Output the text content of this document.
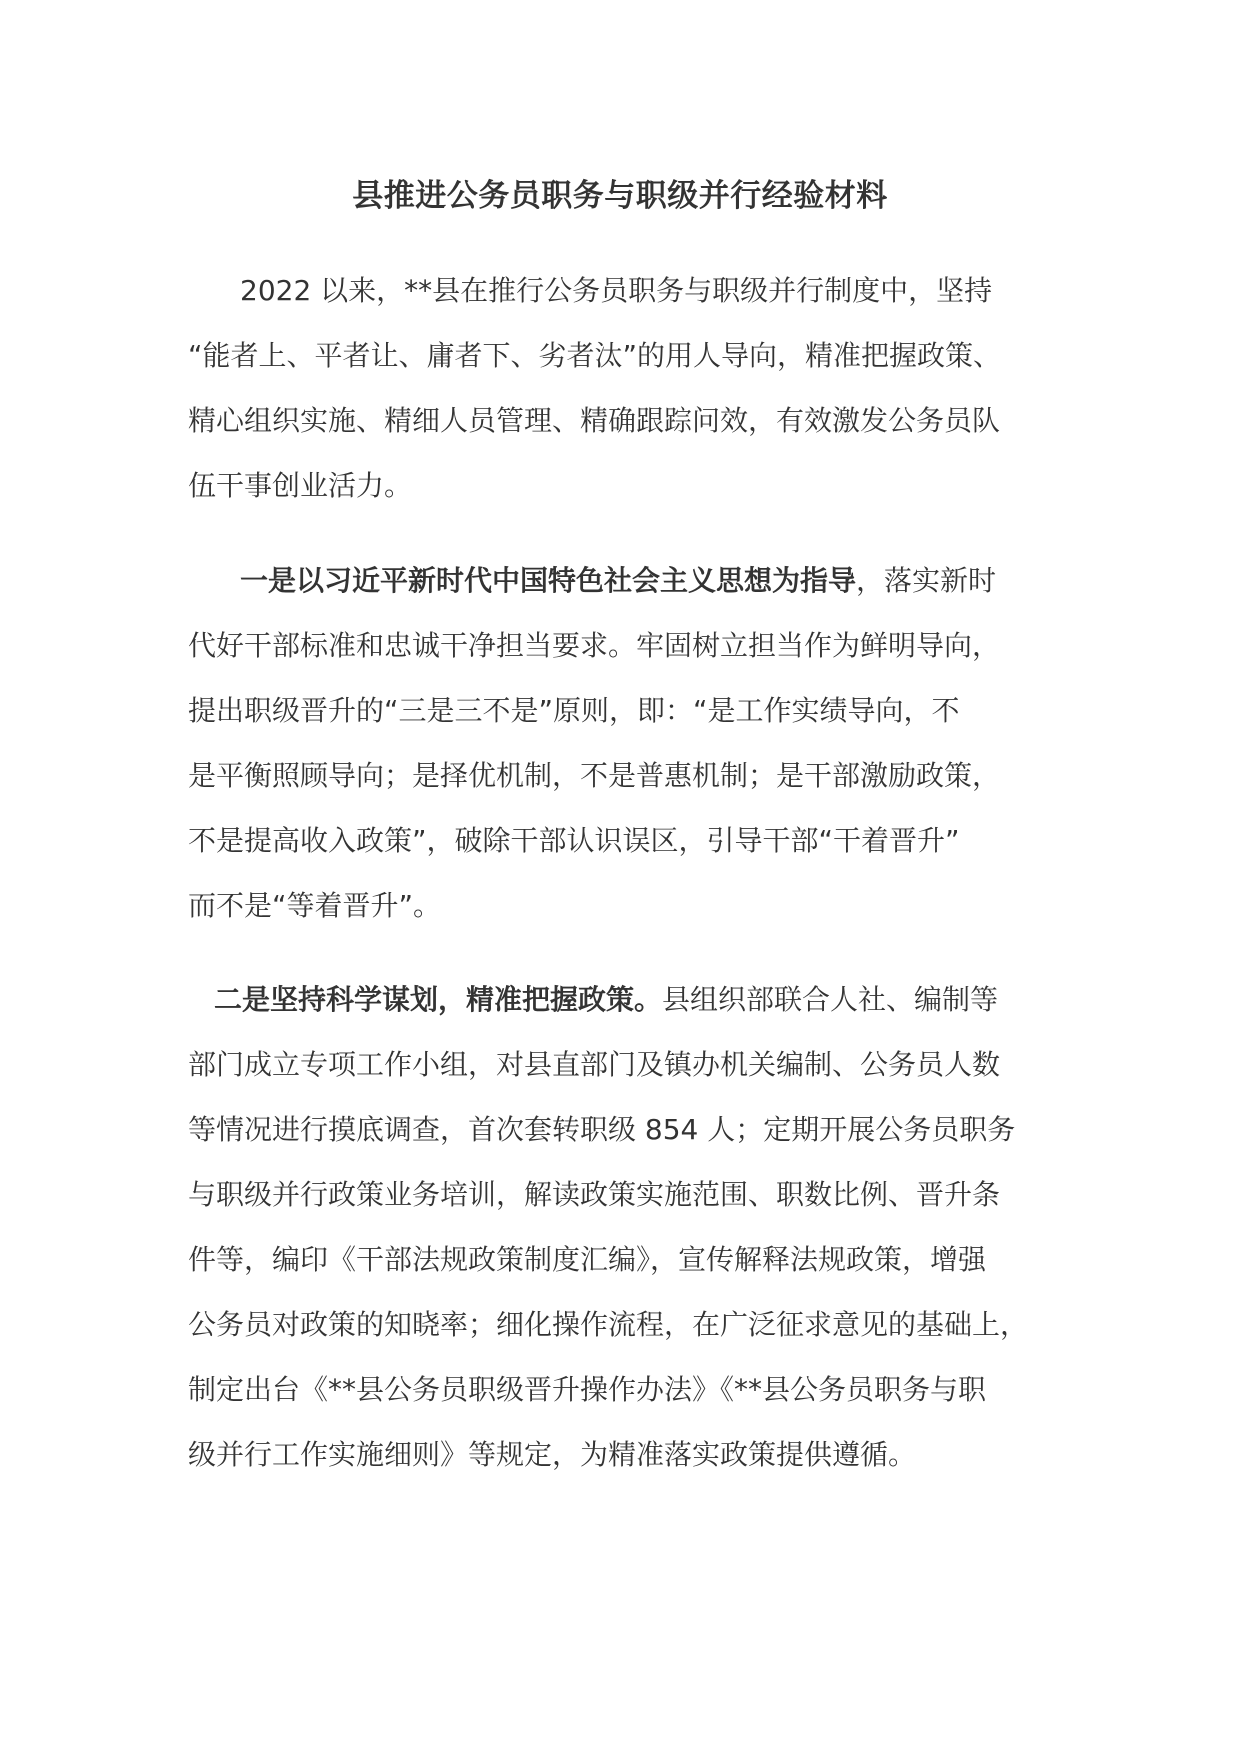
县推进公务员职务与职级并行经验材料
2022 以来，**县在推行公务员职务与职级并行制度中，坚持
“能者上、平者让、庸者下、劣者汰”的用人导向，精准把握政策、
精心组织实施、精细人员管理、精确跟踪问效，有效激发公务员队
伍干事创业活力。
一是以习近平新时代中国特色社会主义思想为指导，落实新时
代好干部标准和忠诚干净担当要求。牢固树立担当作为鲜明导向，
提出职级晋升的“三是三不是”原则，即：“是工作实绩导向，不
是平衡照顾导向；是择优机制，不是普惠机制；是干部激励政策，
不是提高收入政策”，破除干部认识误区，引导干部“干着晋升”
而不是“等着晋升”。
二是坚持科学谋划，精准把握政策。县组织部联合人社、编制等
部门成立专项工作小组，对县直部门及镇办机关编制、公务员人数
等情况进行摸底调查，首次套转职级 854 人；定期开展公务员职务
与职级并行政策业务培训，解读政策实施范围、职数比例、晋升条
件等，编印《干部法规政策制度汇编》，宣传解释法规政策，增强
公务员对政策的知晓率；细化操作流程，在广泛征求意见的基础上，
制定出台《**县公务员职级晋升操作办法》《**县公务员职务与职
级并行工作实施细则》等规定，为精准落实政策提供遵循。
